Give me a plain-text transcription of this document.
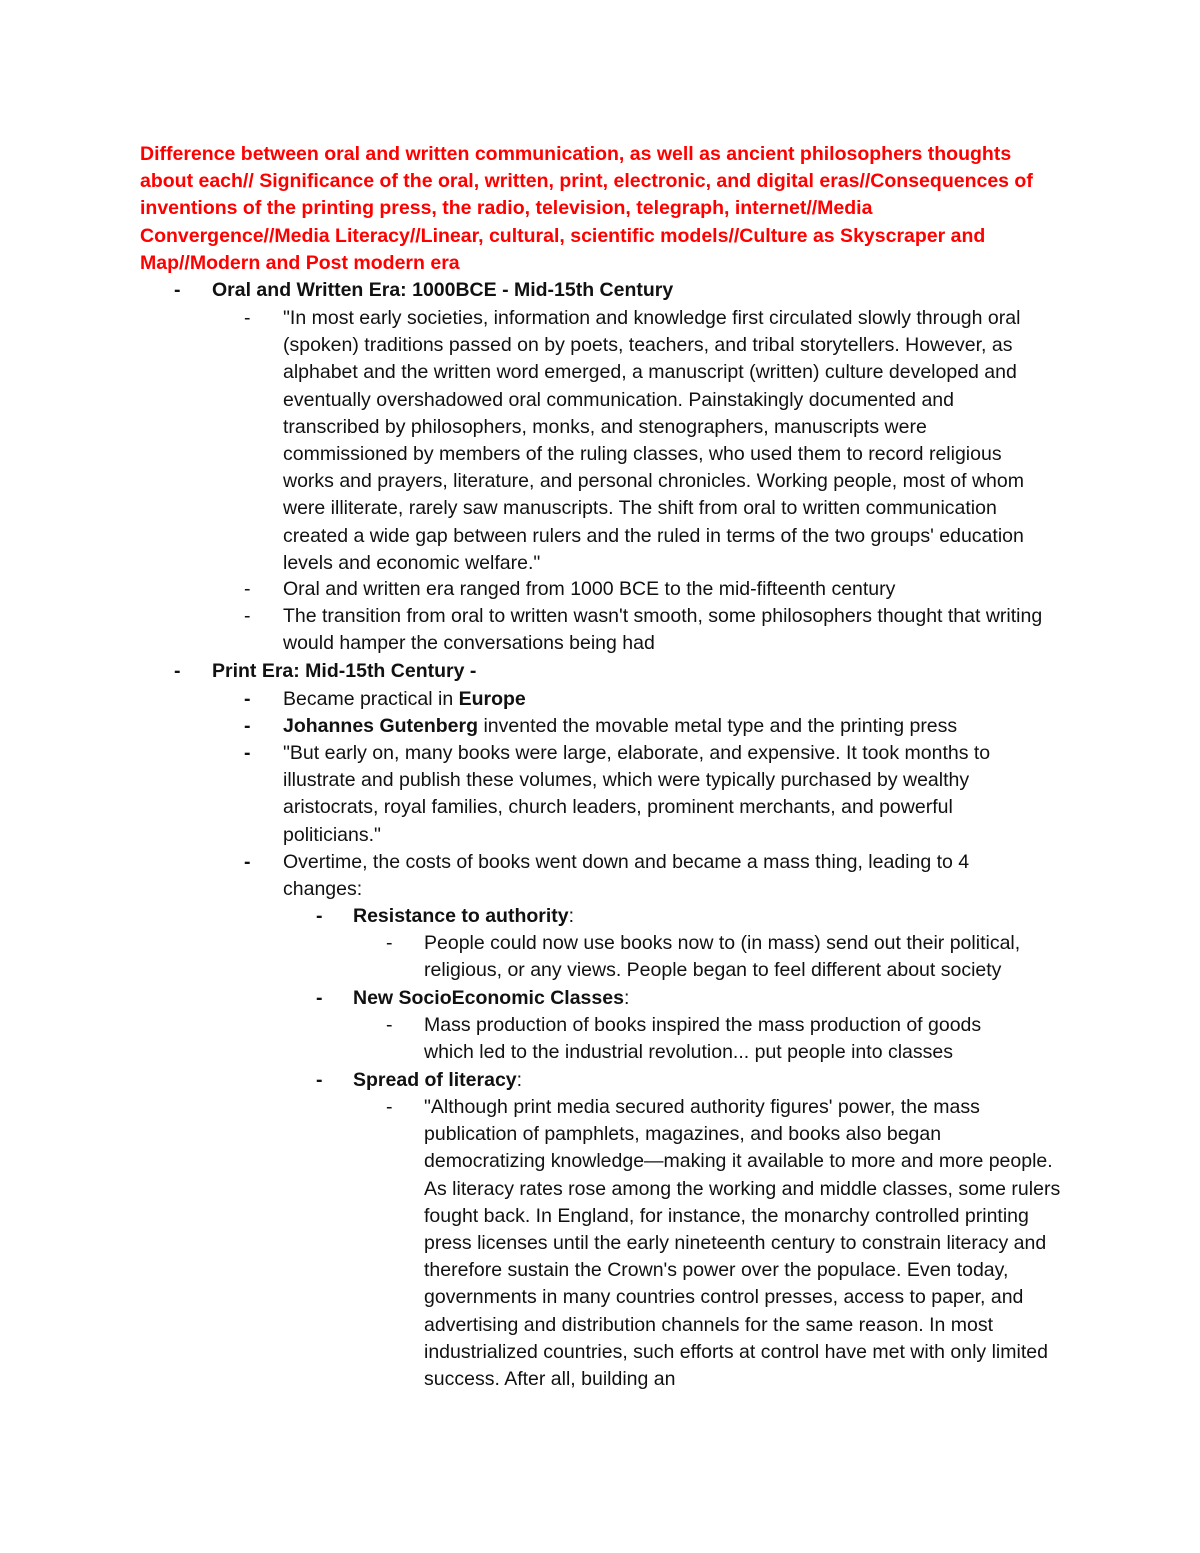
Difference between oral and written communication, as well as ancient philosophers thoughts about each// Significance of the oral, written, print, electronic, and digital eras//Consequences of inventions of the printing press, the radio, television, telegraph, internet//Media Convergence//Media Literacy//Linear, cultural, scientific models//Culture as Skyscraper and Map//Modern and Post modern era

- Oral and Written Era: 1000BCE - Mid-15th Century
- "In most early societies, information and knowledge first circulated slowly through oral (spoken) traditions passed on by poets, teachers, and tribal storytellers. However, as alphabet and the written word emerged, a manuscript (written) culture developed and eventually overshadowed oral communication. Painstakingly documented and transcribed by philosophers, monks, and stenographers, manuscripts were commissioned by members of the ruling classes, who used them to record religious works and prayers, literature, and personal chronicles. Working people, most of whom were illiterate, rarely saw manuscripts. The shift from oral to written communication created a wide gap between rulers and the ruled in terms of the two groups' education levels and economic welfare."
- Oral and written era ranged from 1000 BCE to the mid-fifteenth century
- The transition from oral to written wasn't smooth, some philosophers thought that writing would hamper the conversations being had
- Print Era: Mid-15th Century -
- Became practical in Europe
- Johannes Gutenberg invented the movable metal type and the printing press
- "But early on, many books were large, elaborate, and expensive. It took months to illustrate and publish these volumes, which were typically purchased by wealthy aristocrats, royal families, church leaders, prominent merchants, and powerful politicians."
- Overtime, the costs of books went down and became a mass thing, leading to 4 changes:
- Resistance to authority:
- People could now use books now to (in mass) send out their political, religious, or any views. People began to feel different about society
- New SocioEconomic Classes:
- Mass production of books inspired the mass production of goods which led to the industrial revolution... put people into classes
- Spread of literacy:
- "Although print media secured authority figures' power, the mass publication of pamphlets, magazines, and books also began democratizing knowledge—making it available to more and more people. As literacy rates rose among the working and middle classes, some rulers fought back. In England, for instance, the monarchy controlled printing press licenses until the early nineteenth century to constrain literacy and therefore sustain the Crown's power over the populace. Even today, governments in many countries control presses, access to paper, and advertising and distribution channels for the same reason. In most industrialized countries, such efforts at control have met with only limited success. After all, building an
